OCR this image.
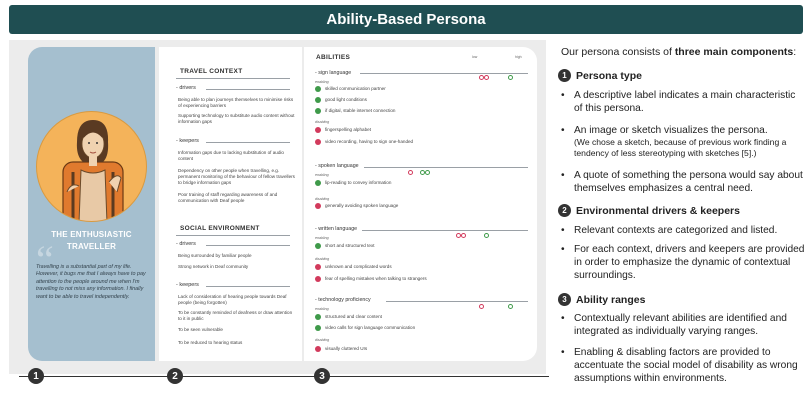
Ability-Based Persona
THE ENTHUSIASTIC TRAVELLER
“
Travelling is a substantial part of my life. However, it bugs me that I always have to pay attention to the people around me when I'm travelling to not miss any information. I finally want to be able to travel independently.
TRAVEL CONTEXT
- drivers
Being able to plan journeys themselves to minimise risks of experiencing barriers
Supporting technology to substitute audio content without information gaps
- keepers
Information gaps due to lacking substitution of audio content
Dependency on other people when travelling, e.g. permanent monitoring of the behaviour of fellow travellers to bridge information gaps
Poor training of staff regarding awareness of and communication with Deaf people
SOCIAL ENVIRONMENT
- drivers
Being surrounded by familiar people
Strong network in Deaf community
- keepers
Lack of consideration of hearing people towards Deaf people (being forgotten)
To be constantly reminded of deafness or draw attention to it in public
To be seen vulnerable
To be reduced to hearing status
ABILITIES	low	high
- sign language
enabling
skilled communication partner
good light conditions
if digital, stable internet connection
disabling
fingerspelling alphabet
video recording, having to sign one-handed
- spoken language
enabling
lip-reading to convey information
disabling
generally avoiding spoken language
- written language
enabling
short and structured text
disabling
unknown and complicated words
fear of spelling mistakes when talking to strangers
- technology proficiency
enabling
structured and clear content
video calls for sign language communication
disabling
visually cluttered UIs
1	2	3
Our persona consists of three main components:
1 Persona type
• A descriptive label indicates a main characteristic of this persona.
• An image or sketch visualizes the persona.
(We chose a sketch, because of previous work finding a tendency of less stereotyping with sketches [5].)
• A quote of something the persona would say about themselves emphasizes a central need.
2 Environmental drivers & keepers
• Relevant contexts are categorized and listed.
• For each context, drivers and keepers are provided in order to emphasize the dynamic of contextual surroundings.
3 Ability ranges
• Contextually relevant abilities are identified and integrated as individually varying ranges.
• Enabling & disabling factors are provided to accentuate the social model of disability as wrong assumptions within environments.
